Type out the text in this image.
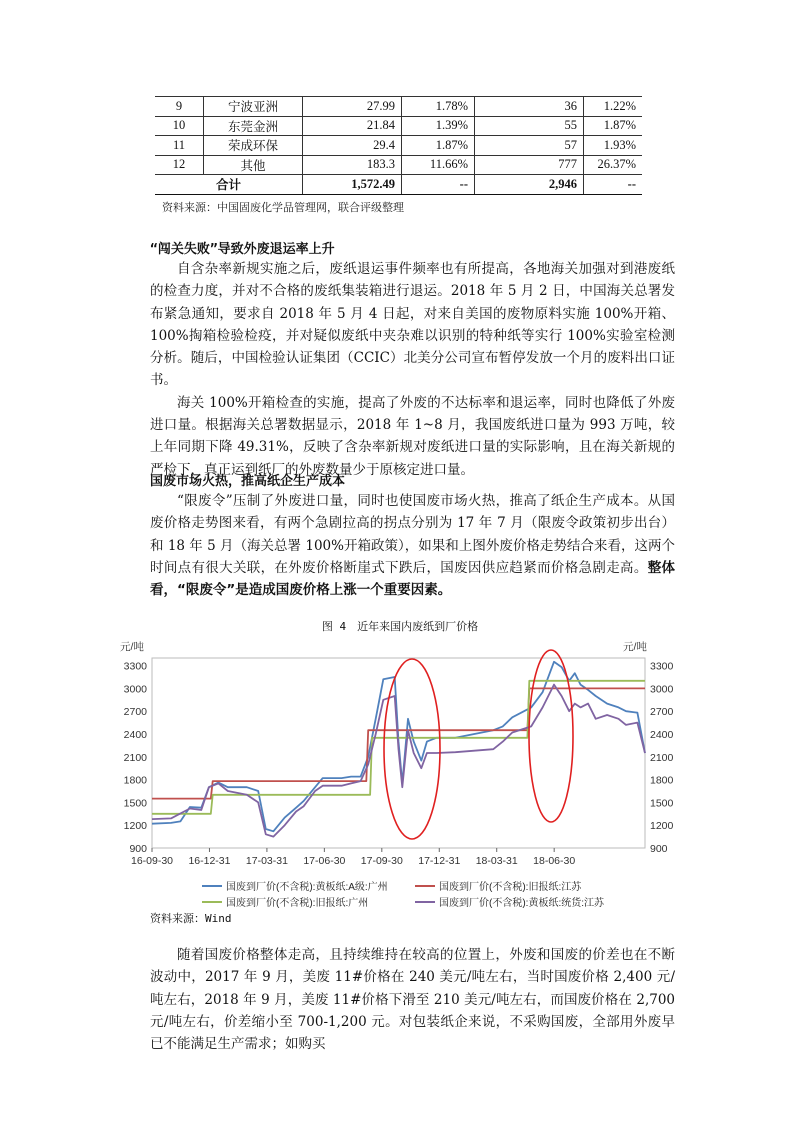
9	宁波亚洲	27.99	1.78%	36	1.22%
10	东莞金洲	21.84	1.39%	55	1.87%
11	荣成环保	29.4	1.87%	57	1.93%
12	其他	183.3	11.66%	777	26.37%
合计		1,572.49	--	2,946	--
资料来源：中国固废化学品管理网，联合评级整理
“闯关失败”导致外废退运率上升

自含杂率新规实施之后，废纸退运事件频率也有所提高，各地海关加强对到港废纸的检查力度，并对不合格的废纸集装箱进行退运。2018 年 5 月 2 日，中国海关总署发布紧急通知，要求自 2018 年 5 月 4 日起，对来自美国的废物原料实施 100%开箱、100%掏箱检验检疫，并对疑似废纸中夹杂难以识别的特种纸等实行 100%实验室检测分析。随后，中国检验认证集团（CCIC）北美分公司宣布暂停发放一个月的废料出口证书。

海关 100%开箱检查的实施，提高了外废的不达标率和退运率，同时也降低了外废进口量。根据海关总署数据显示，2018 年 1~8 月，我国废纸进口量为 993 万吨，较上年同期下降 49.31%，反映了含杂率新规对废纸进口量的实际影响，且在海关新规的严检下，真正运到纸厂的外废数量少于原核定进口量。

国废市场火热，推高纸企生产成本

“限废令”压制了外废进口量，同时也使国废市场火热，推高了纸企生产成本。从国废价格走势图来看，有两个急剧拉高的拐点分别为 17 年 7 月（限废令政策初步出台）和 18 年 5 月（海关总署 100%开箱政策），如果和上图外废价格走势结合来看，这两个时间点有很大关联，在外废价格断崖式下跌后，国废因供应趋紧而价格急剧走高。整体看，“限废令”是造成国废价格上涨一个重要因素。

图 4　近年来国内废纸到厂价格
3300	3300
3000	3000
2700	2700
2400	2400
2100	2100
1800	1800
1500	1500
1200	1200
900	900
16-09-30 16-12-31 17-03-31 17-06-30 17-09-30 17-12-31 18-03-31 18-06-30
元/吨	元/吨
国废到厂价(不含税):黄板纸:A级:广州	国废到厂价(不含税):旧报纸:江苏
国废到厂价(不含税):旧报纸:广州	国废到厂价(不含税):黄板纸:统货:江苏
资料来源：Wind

随着国废价格整体走高，且持续维持在较高的位置上，外废和国废的价差也在不断波动中，2017 年 9 月，美废 11#价格在 240 美元/吨左右，当时国废价格 2,400 元/吨左右，2018 年 9 月，美废 11#价格下滑至 210 美元/吨左右，而国废价格在 2,700 元/吨左右，价差缩小至 700-1,200 元。对包装纸企来说，不采购国废，全部用外废早已不能满足生产需求；如购买
